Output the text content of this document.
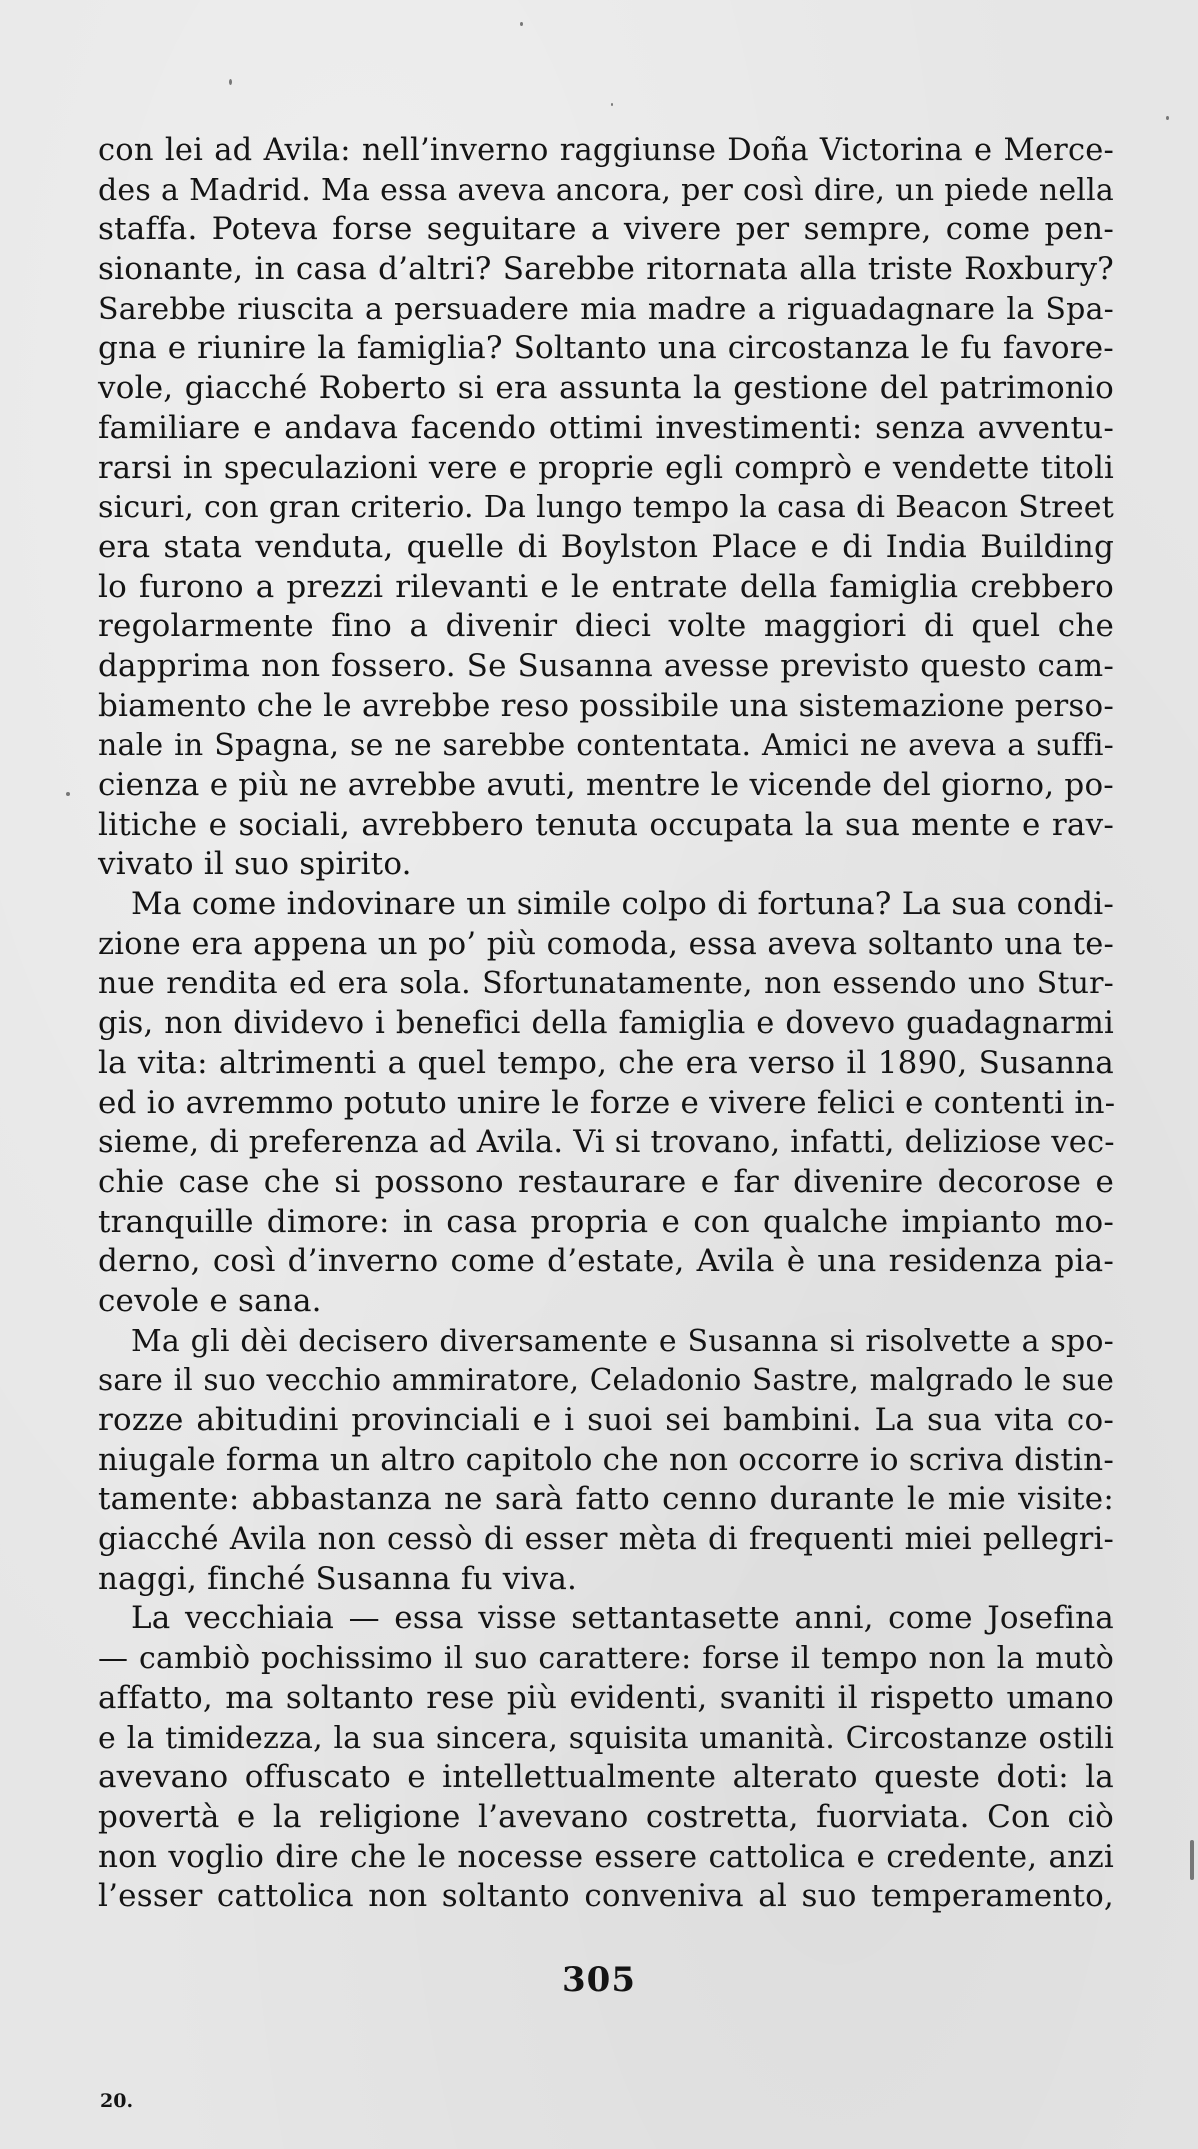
con lei ad Avila: nell’inverno raggiunse Doña Victorina e Merce-
des a Madrid. Ma essa aveva ancora, per così dire, un piede nella
staffa. Poteva forse seguitare a vivere per sempre, come pen-
sionante, in casa d’altri? Sarebbe ritornata alla triste Roxbury?
Sarebbe riuscita a persuadere mia madre a riguadagnare la Spa-
gna e riunire la famiglia? Soltanto una circostanza le fu favore-
vole, giacché Roberto si era assunta la gestione del patrimonio
familiare e andava facendo ottimi investimenti: senza avventu-
rarsi in speculazioni vere e proprie egli comprò e vendette titoli
sicuri, con gran criterio. Da lungo tempo la casa di Beacon Street
era stata venduta, quelle di Boylston Place e di India Building
lo furono a prezzi rilevanti e le entrate della famiglia crebbero
regolarmente fino a divenir dieci volte maggiori di quel che
dapprima non fossero. Se Susanna avesse previsto questo cam-
biamento che le avrebbe reso possibile una sistemazione perso-
nale in Spagna, se ne sarebbe contentata. Amici ne aveva a suffi-
cienza e più ne avrebbe avuti, mentre le vicende del giorno, po-
litiche e sociali, avrebbero tenuta occupata la sua mente e rav-
vivato il suo spirito.
Ma come indovinare un simile colpo di fortuna? La sua condi-
zione era appena un po’ più comoda, essa aveva soltanto una te-
nue rendita ed era sola. Sfortunatamente, non essendo uno Stur-
gis, non dividevo i benefici della famiglia e dovevo guadagnarmi
la vita: altrimenti a quel tempo, che era verso il 1890, Susanna
ed io avremmo potuto unire le forze e vivere felici e contenti in-
sieme, di preferenza ad Avila. Vi si trovano, infatti, deliziose vec-
chie case che si possono restaurare e far divenire decorose e
tranquille dimore: in casa propria e con qualche impianto mo-
derno, così d’inverno come d’estate, Avila è una residenza pia-
cevole e sana.
Ma gli dèi decisero diversamente e Susanna si risolvette a spo-
sare il suo vecchio ammiratore, Celadonio Sastre, malgrado le sue
rozze abitudini provinciali e i suoi sei bambini. La sua vita co-
niugale forma un altro capitolo che non occorre io scriva distin-
tamente: abbastanza ne sarà fatto cenno durante le mie visite:
giacché Avila non cessò di esser mèta di frequenti miei pellegri-
naggi, finché Susanna fu viva.
La vecchiaia — essa visse settantasette anni, come Josefina
— cambiò pochissimo il suo carattere: forse il tempo non la mutò
affatto, ma soltanto rese più evidenti, svaniti il rispetto umano
e la timidezza, la sua sincera, squisita umanità. Circostanze ostili
avevano offuscato e intellettualmente alterato queste doti: la
povertà e la religione l’avevano costretta, fuorviata. Con ciò
non voglio dire che le nocesse essere cattolica e credente, anzi
l’esser cattolica non soltanto conveniva al suo temperamento,
305
20.
